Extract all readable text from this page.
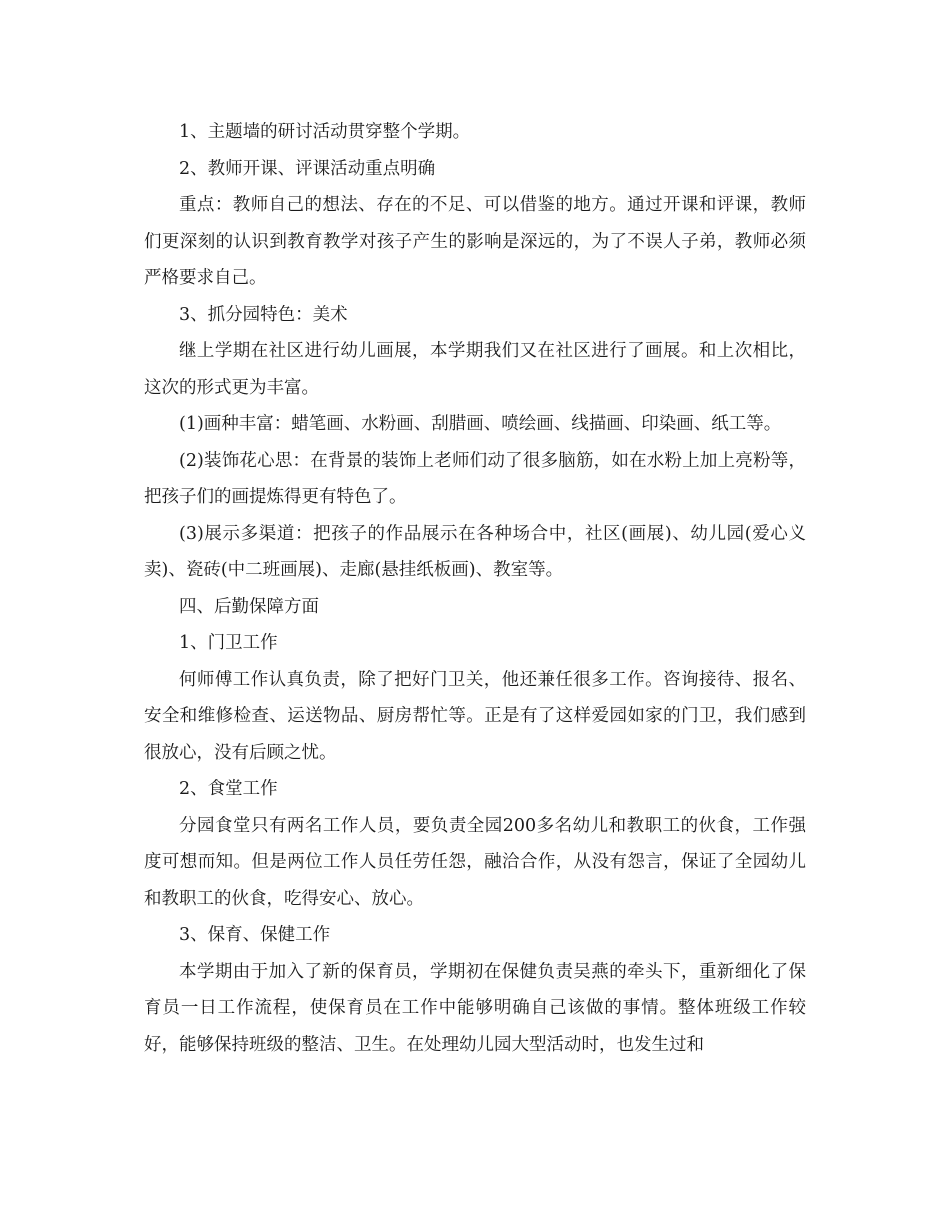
1、主题墙的研讨活动贯穿整个学期。

2、教师开课、评课活动重点明确

重点：教师自己的想法、存在的不足、可以借鉴的地方。通过开课和评课，教师们更深刻的认识到教育教学对孩子产生的影响是深远的，为了不误人子弟，教师必须严格要求自己。

3、抓分园特色：美术

继上学期在社区进行幼儿画展，本学期我们又在社区进行了画展。和上次相比，这次的形式更为丰富。

(1)画种丰富：蜡笔画、水粉画、刮腊画、喷绘画、线描画、印染画、纸工等。

(2)装饰花心思：在背景的装饰上老师们动了很多脑筋，如在水粉上加上亮粉等，把孩子们的画提炼得更有特色了。

(3)展示多渠道：把孩子的作品展示在各种场合中，社区(画展)、幼儿园(爱心义卖)、瓷砖(中二班画展)、走廊(悬挂纸板画)、教室等。

四、后勤保障方面

1、门卫工作

何师傅工作认真负责，除了把好门卫关，他还兼任很多工作。咨询接待、报名、安全和维修检查、运送物品、厨房帮忙等。正是有了这样爱园如家的门卫，我们感到很放心，没有后顾之忧。

2、食堂工作

分园食堂只有两名工作人员，要负责全园200多名幼儿和教职工的伙食，工作强度可想而知。但是两位工作人员任劳任怨，融洽合作，从没有怨言，保证了全园幼儿和教职工的伙食，吃得安心、放心。

3、保育、保健工作

本学期由于加入了新的保育员，学期初在保健负责吴燕的牵头下，重新细化了保育员一日工作流程，使保育员在工作中能够明确自己该做的事情。整体班级工作较好，能够保持班级的整洁、卫生。在处理幼儿园大型活动时，也发生过和
